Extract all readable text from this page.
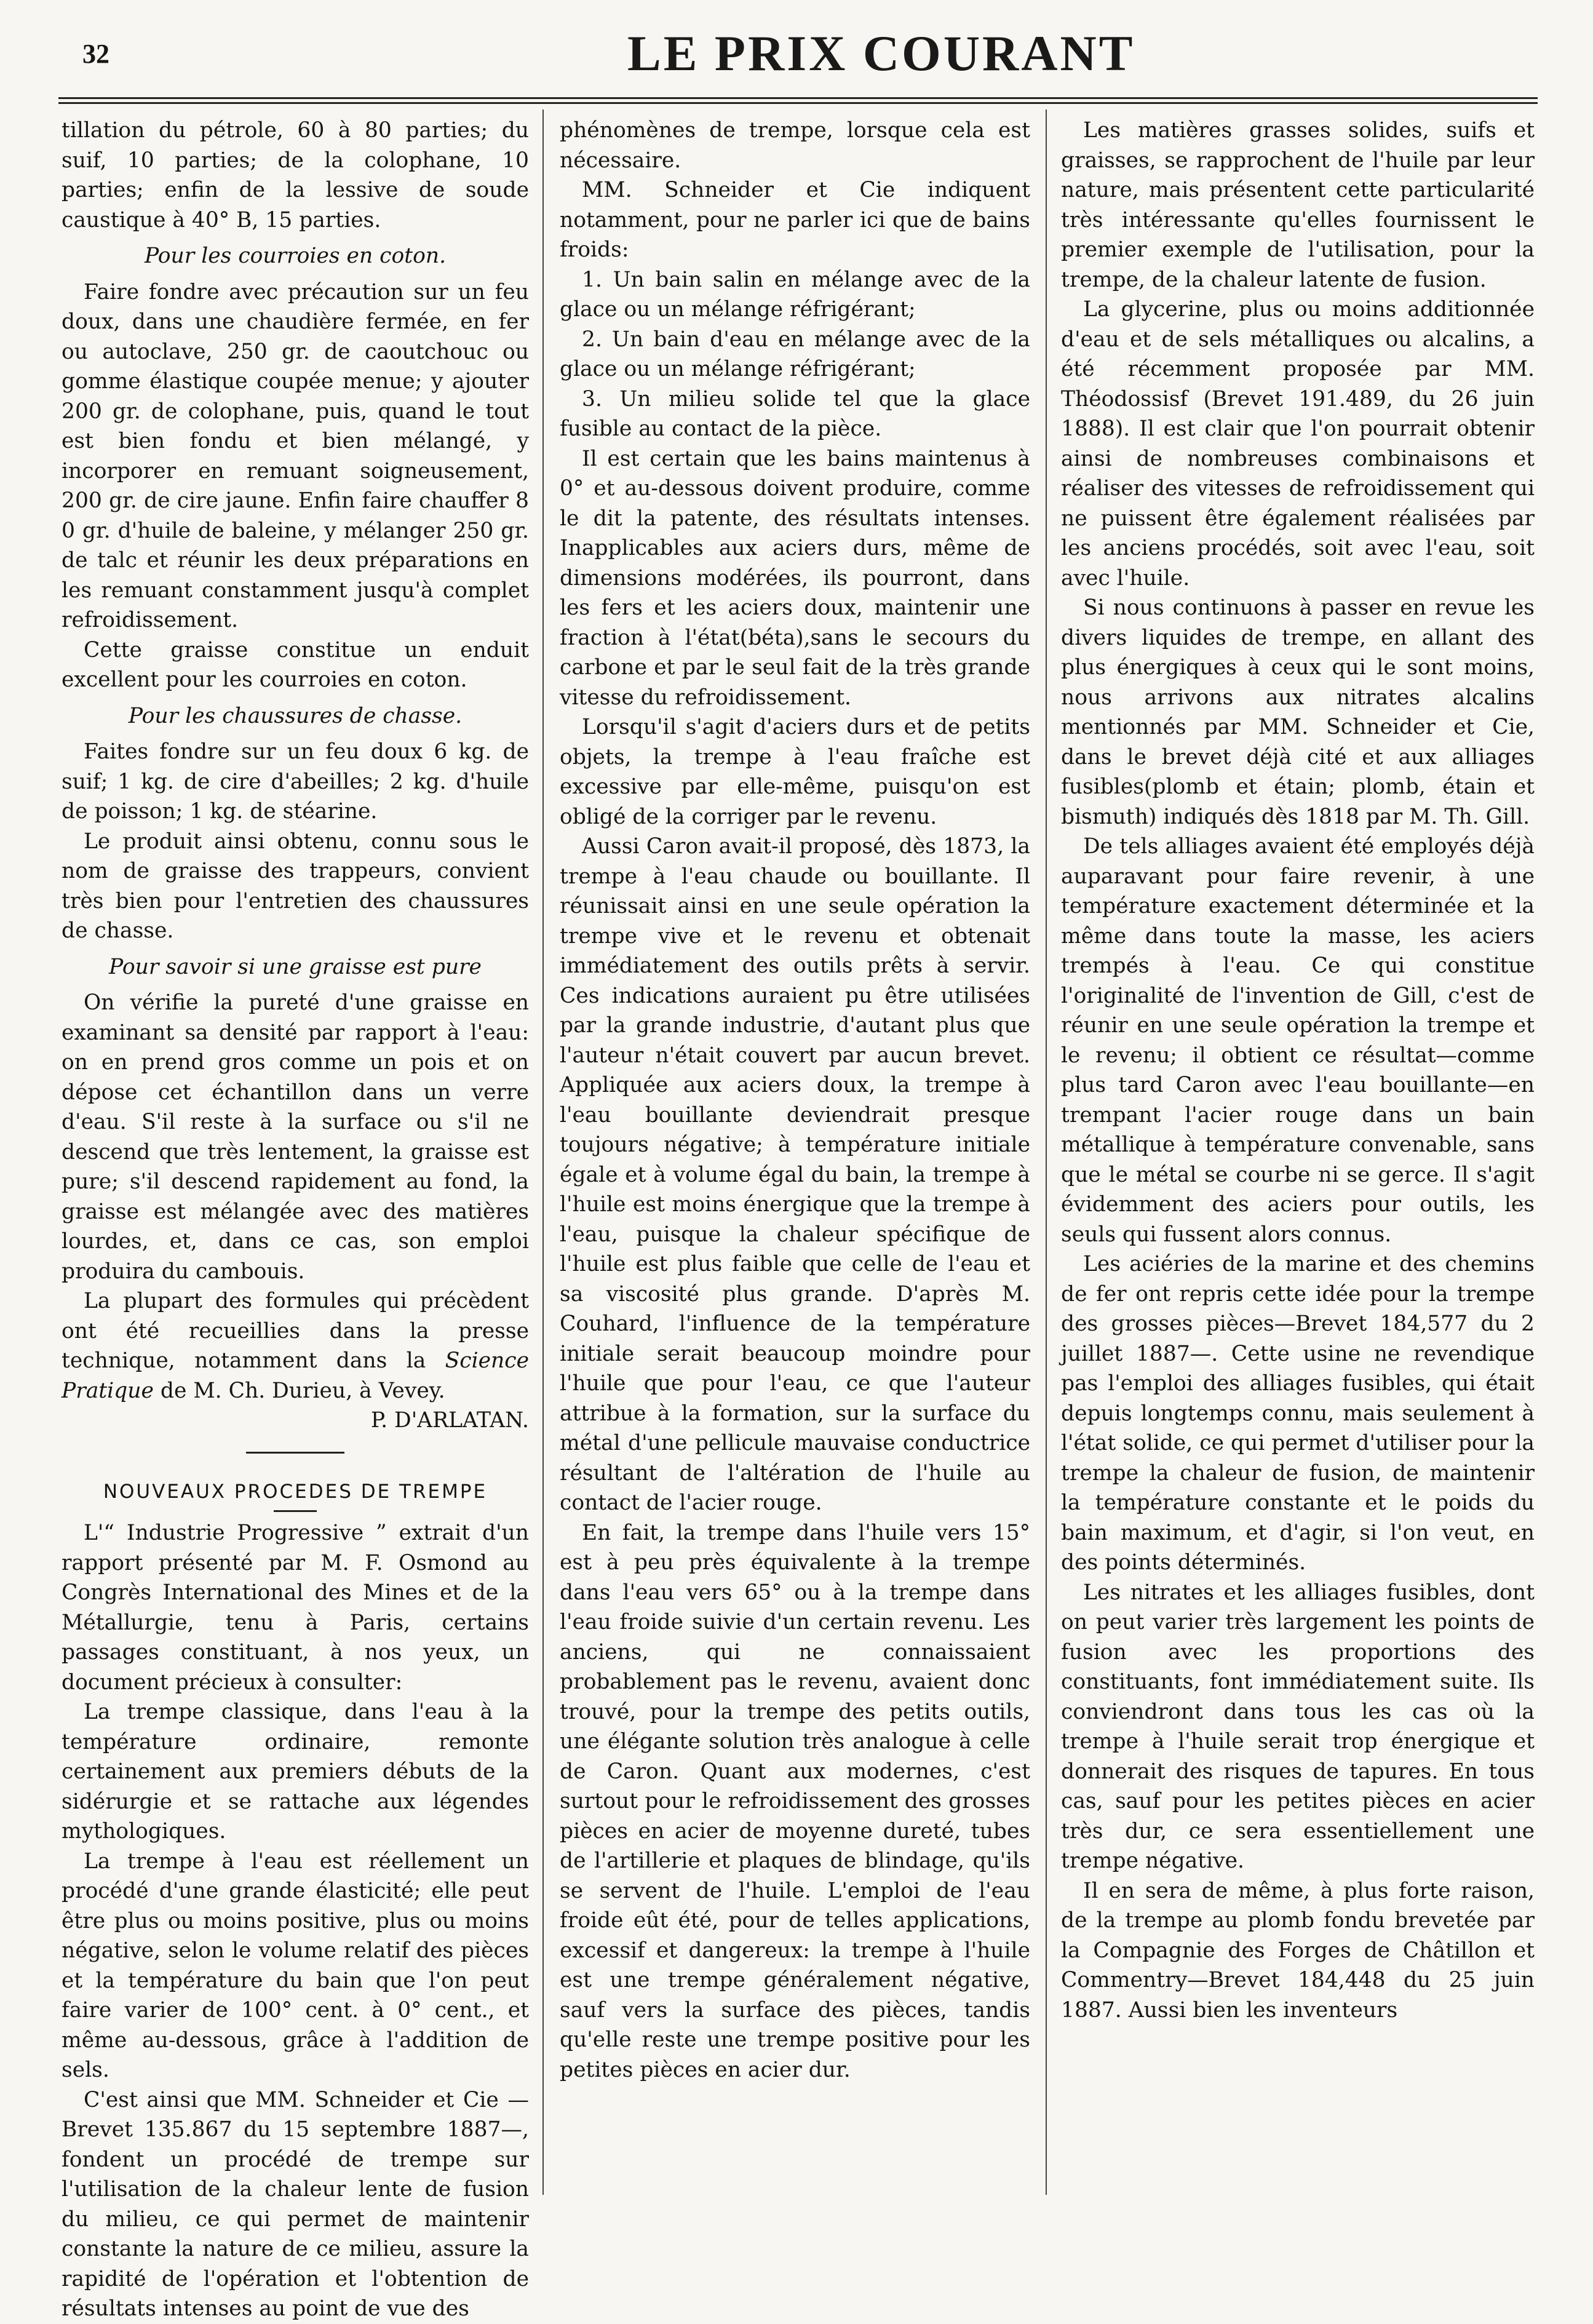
32	LE PRIX COURANT

tillation du pétrole, 60 à 80 parties; du suif, 10 parties; de la colophane, 10 parties; enfin de la lessive de soude caustique à 40° B, 15 parties.

Pour les courroies en coton.

Faire fondre avec précaution sur un feu doux, dans une chaudière fermée, en fer ou autoclave, 250 gr. de caoutchouc ou gomme élastique coupée menue; y ajouter 200 gr. de colophane, puis, quand le tout est bien fondu et bien mélangé, y incorporer en remuant soigneusement, 200 gr. de cire jaune. Enfin faire chauffer 8 0 gr. d'huile de baleine, y mélanger 250 gr. de talc et réunir les deux préparations en les remuant constamment jusqu'à complet refroidissement.

Cette graisse constitue un enduit excellent pour les courroies en coton.

Pour les chaussures de chasse.

Faites fondre sur un feu doux 6 kg. de suif; 1 kg. de cire d'abeilles; 2 kg. d'huile de poisson; 1 kg. de stéarine.

Le produit ainsi obtenu, connu sous le nom de graisse des trappeurs, convient très bien pour l'entretien des chaussures de chasse.

Pour savoir si une graisse est pure

On vérifie la pureté d'une graisse en examinant sa densité par rapport à l'eau: on en prend gros comme un pois et on dépose cet échantillon dans un verre d'eau. S'il reste à la surface ou s'il ne descend que très lentement, la graisse est pure; s'il descend rapidement au fond, la graisse est mélangée avec des matières lourdes, et, dans ce cas, son emploi produira du cambouis.

La plupart des formules qui précèdent ont été recueillies dans la presse technique, notamment dans la Science Pratique de M. Ch. Durieu, à Vevey.

P. D'ARLATAN.

NOUVEAUX PROCEDES DE TREMPE

L'“ Industrie Progressive ” extrait d'un rapport présenté par M. F. Osmond au Congrès International des Mines et de la Métallurgie, tenu à Paris, certains passages constituant, à nos yeux, un document précieux à consulter:

La trempe classique, dans l'eau à la température ordinaire, remonte certainement aux premiers débuts de la sidérurgie et se rattache aux légendes mythologiques.

La trempe à l'eau est réellement un procédé d'une grande élasticité; elle peut être plus ou moins positive, plus ou moins négative, selon le volume relatif des pièces et la température du bain que l'on peut faire varier de 100° cent. à 0° cent., et même au-dessous, grâce à l'addition de sels.

C'est ainsi que MM. Schneider et Cie —Brevet 135.867 du 15 septembre 1887—, fondent un procédé de trempe sur l'utilisation de la chaleur lente de fusion du milieu, ce qui permet de maintenir constante la nature de ce milieu, assure la rapidité de l'opération et l'obtention de résultats intenses au point de vue des

phénomènes de trempe, lorsque cela est nécessaire.

MM. Schneider et Cie indiquent notamment, pour ne parler ici que de bains froids:

1. Un bain salin en mélange avec de la glace ou un mélange réfrigérant;

2. Un bain d'eau en mélange avec de la glace ou un mélange réfrigérant;

3. Un milieu solide tel que la glace fusible au contact de la pièce.

Il est certain que les bains maintenus à 0° et au-dessous doivent produire, comme le dit la patente, des résultats intenses. Inapplicables aux aciers durs, même de dimensions modérées, ils pourront, dans les fers et les aciers doux, maintenir une fraction à l'état(béta),sans le secours du carbone et par le seul fait de la très grande vitesse du refroidissement.

Lorsqu'il s'agit d'aciers durs et de petits objets, la trempe à l'eau fraîche est excessive par elle-même, puisqu'on est obligé de la corriger par le revenu.

Aussi Caron avait-il proposé, dès 1873, la trempe à l'eau chaude ou bouillante. Il réunissait ainsi en une seule opération la trempe vive et le revenu et obtenait immédiatement des outils prêts à servir. Ces indications auraient pu être utilisées par la grande industrie, d'autant plus que l'auteur n'était couvert par aucun brevet. Appliquée aux aciers doux, la trempe à l'eau bouillante deviendrait presque toujours négative; à température initiale égale et à volume égal du bain, la trempe à l'huile est moins énergique que la trempe à l'eau, puisque la chaleur spécifique de l'huile est plus faible que celle de l'eau et sa viscosité plus grande. D'après M. Couhard, l'influence de la température initiale serait beaucoup moindre pour l'huile que pour l'eau, ce que l'auteur attribue à la formation, sur la surface du métal d'une pellicule mauvaise conductrice résultant de l'altération de l'huile au contact de l'acier rouge.

En fait, la trempe dans l'huile vers 15° est à peu près équivalente à la trempe dans l'eau vers 65° ou à la trempe dans l'eau froide suivie d'un certain revenu. Les anciens, qui ne connaissaient probablement pas le revenu, avaient donc trouvé, pour la trempe des petits outils, une élégante solution très analogue à celle de Caron. Quant aux modernes, c'est surtout pour le refroidissement des grosses pièces en acier de moyenne dureté, tubes de l'artillerie et plaques de blindage, qu'ils se servent de l'huile. L'emploi de l'eau froide eût été, pour de telles applications, excessif et dangereux: la trempe à l'huile est une trempe généralement négative, sauf vers la surface des pièces, tandis qu'elle reste une trempe positive pour les petites pièces en acier dur.

Les matières grasses solides, suifs et graisses, se rapprochent de l'huile par leur nature, mais présentent cette particularité très intéressante qu'elles fournissent le premier exemple de l'utilisation, pour la trempe, de la chaleur latente de fusion.

La glycerine, plus ou moins additionnée d'eau et de sels métalliques ou alcalins, a été récemment proposée par MM. Théodossisf (Brevet 191.489, du 26 juin 1888). Il est clair que l'on pourrait obtenir ainsi de nombreuses combinaisons et réaliser des vitesses de refroidissement qui ne puissent être également réalisées par les anciens procédés, soit avec l'eau, soit avec l'huile.

Si nous continuons à passer en revue les divers liquides de trempe, en allant des plus énergiques à ceux qui le sont moins, nous arrivons aux nitrates alcalins mentionnés par MM. Schneider et Cie, dans le brevet déjà cité et aux alliages fusibles(plomb et étain; plomb, étain et bismuth) indiqués dès 1818 par M. Th. Gill.

De tels alliages avaient été employés déjà auparavant pour faire revenir, à une température exactement déterminée et la même dans toute la masse, les aciers trempés à l'eau. Ce qui constitue l'originalité de l'invention de Gill, c'est de réunir en une seule opération la trempe et le revenu; il obtient ce résultat—comme plus tard Caron avec l'eau bouillante—en trempant l'acier rouge dans un bain métallique à température convenable, sans que le métal se courbe ni se gerce. Il s'agit évidemment des aciers pour outils, les seuls qui fussent alors connus.

Les aciéries de la marine et des chemins de fer ont repris cette idée pour la trempe des grosses pièces—Brevet 184,577 du 2 juillet 1887—. Cette usine ne revendique pas l'emploi des alliages fusibles, qui était depuis longtemps connu, mais seulement à l'état solide, ce qui permet d'utiliser pour la trempe la chaleur de fusion, de maintenir la température constante et le poids du bain maximum, et d'agir, si l'on veut, en des points déterminés.

Les nitrates et les alliages fusibles, dont on peut varier très largement les points de fusion avec les proportions des constituants, font immédiatement suite. Ils conviendront dans tous les cas où la trempe à l'huile serait trop énergique et donnerait des risques de tapures. En tous cas, sauf pour les petites pièces en acier très dur, ce sera essentiellement une trempe négative.

Il en sera de même, à plus forte raison, de la trempe au plomb fondu brevetée par la Compagnie des Forges de Châtillon et Commentry—Brevet 184,448 du 25 juin 1887. Aussi bien les inventeurs
